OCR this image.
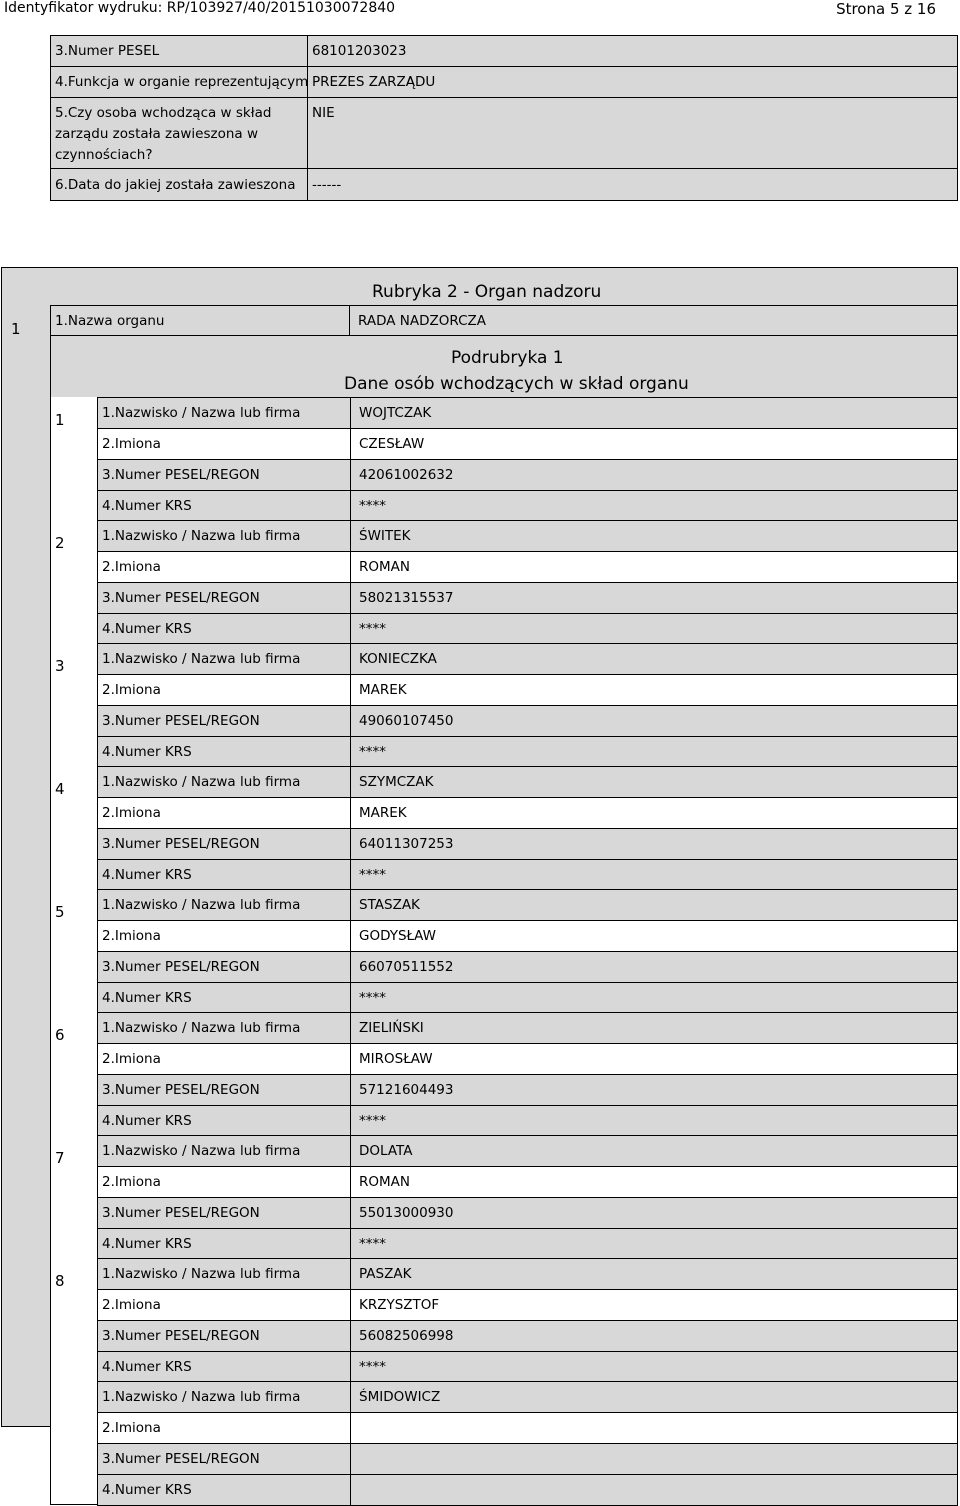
Identyfikator wydruku: RP/103927/40/20151030072840	Strona 5 z 16
3.Numer PESEL	68101203023
4.Funkcja w organie reprezentującym PREZES ZARZĄDU
5.Czy osoba wchodząca w skład
zarządu została zawieszona w
czynnościach?
NIE
6.Data do jakiej została zawieszona ------
Rubryka 2 - Organ nadzoru
1	1.Nazwa organu	RADA NADZORCZA
Podrubryka 1
Dane osób wchodzących w skład organu
1	1.Nazwisko / Nazwa lub firma	WOJTCZAK
2.Imiona	CZESŁAW
3.Numer PESEL/REGON	42061002632
4.Numer KRS	****
2	1.Nazwisko / Nazwa lub firma	ŚWITEK
2.Imiona	ROMAN
3.Numer PESEL/REGON	58021315537
4.Numer KRS	****
3	1.Nazwisko / Nazwa lub firma	KONIECZKA
2.Imiona	MAREK
3.Numer PESEL/REGON	49060107450
4.Numer KRS	****
4	1.Nazwisko / Nazwa lub firma	SZYMCZAK
2.Imiona	MAREK
3.Numer PESEL/REGON	64011307253
4.Numer KRS	****
5	1.Nazwisko / Nazwa lub firma	STASZAK
2.Imiona	GODYSŁAW
3.Numer PESEL/REGON	66070511552
4.Numer KRS	****
6	1.Nazwisko / Nazwa lub firma	ZIELIŃSKI
2.Imiona	MIROSŁAW
3.Numer PESEL/REGON	57121604493
4.Numer KRS	****
7	1.Nazwisko / Nazwa lub firma	DOLATA
2.Imiona	ROMAN
3.Numer PESEL/REGON	55013000930
4.Numer KRS	****
8	1.Nazwisko / Nazwa lub firma	PASZAK
2.Imiona	KRZYSZTOF
3.Numer PESEL/REGON	56082506998
4.Numer KRS	****
1.Nazwisko / Nazwa lub firma	ŚMIDOWICZ
2.Imiona
3.Numer PESEL/REGON
4.Numer KRS
